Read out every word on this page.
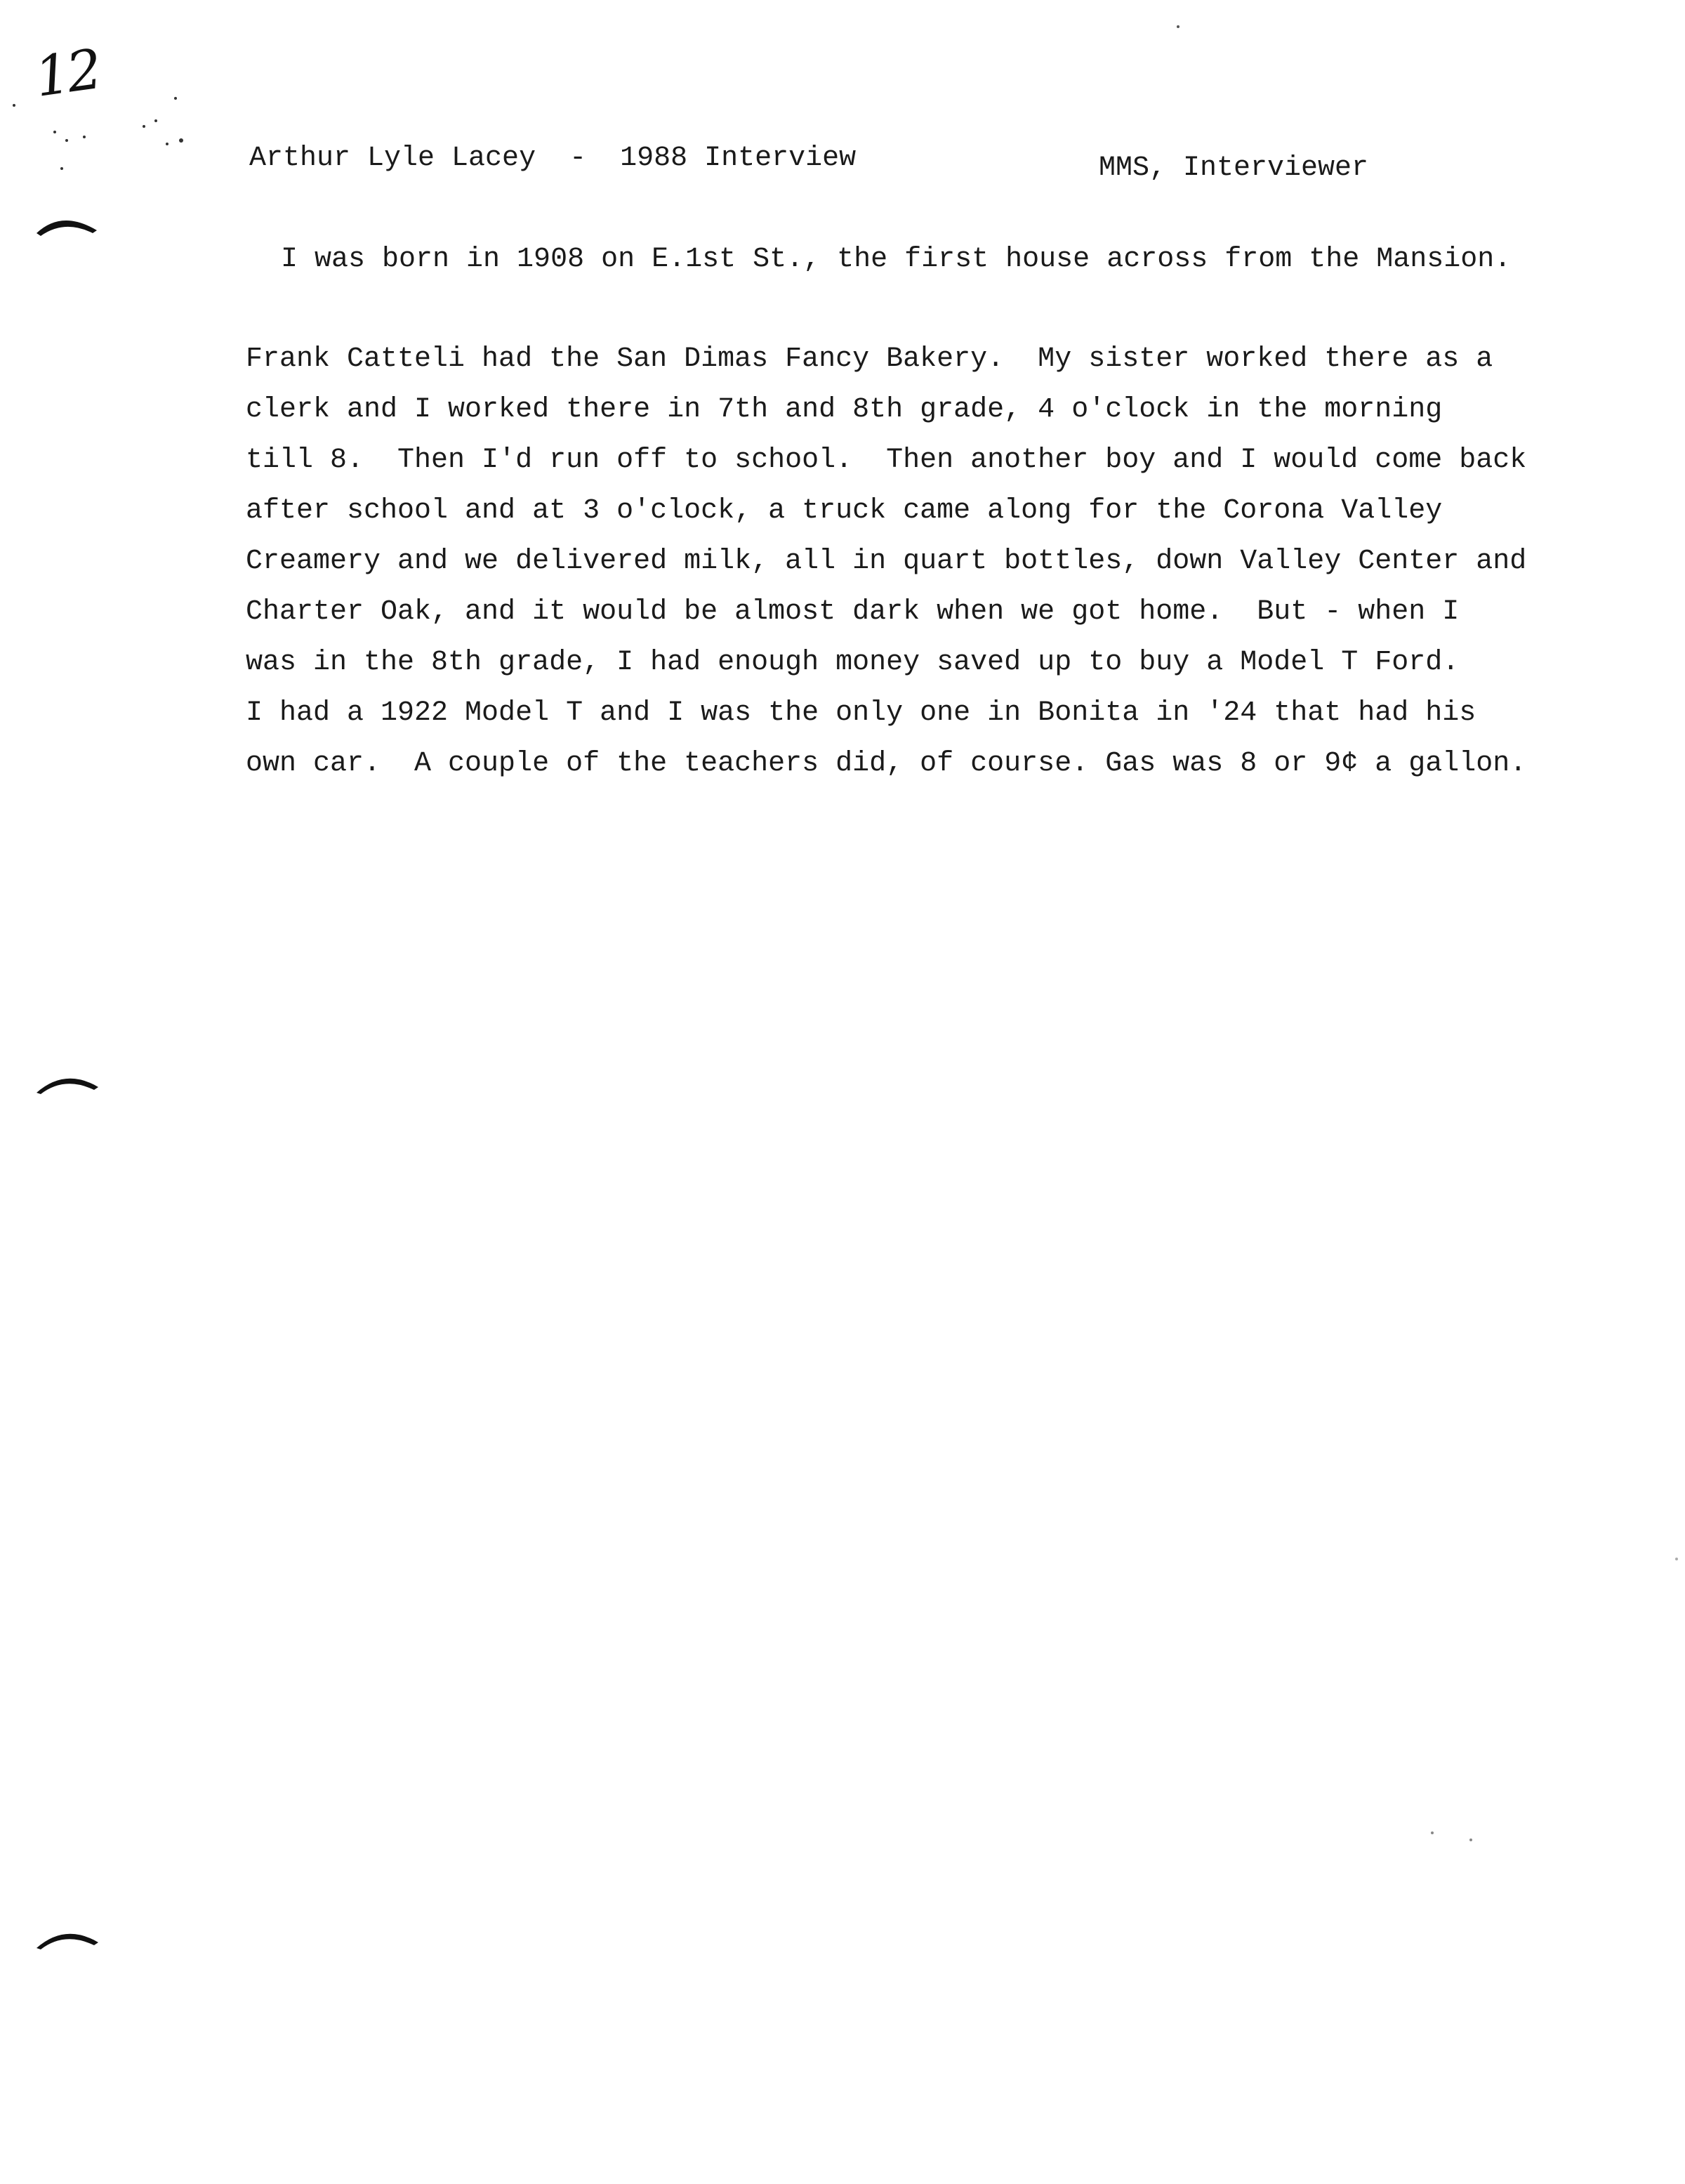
12
Arthur Lyle Lacey  -  1988 Interview	MMS, Interviewer
I was born in 1908 on E.1st St., the first house across from the Mansion.
Frank Catteli had the San Dimas Fancy Bakery.  My sister worked there as a
clerk and I worked there in 7th and 8th grade, 4 o'clock in the morning
till 8.  Then I'd run off to school.  Then another boy and I would come back
after school and at 3 o'clock, a truck came along for the Corona Valley
Creamery and we delivered milk, all in quart bottles, down Valley Center and
Charter Oak, and it would be almost dark when we got home.  But - when I
was in the 8th grade, I had enough money saved up to buy a Model T Ford.
I had a 1922 Model T and I was the only one in Bonita in '24 that had his
own car.  A couple of the teachers did, of course. Gas was 8 or 9¢ a gallon.
